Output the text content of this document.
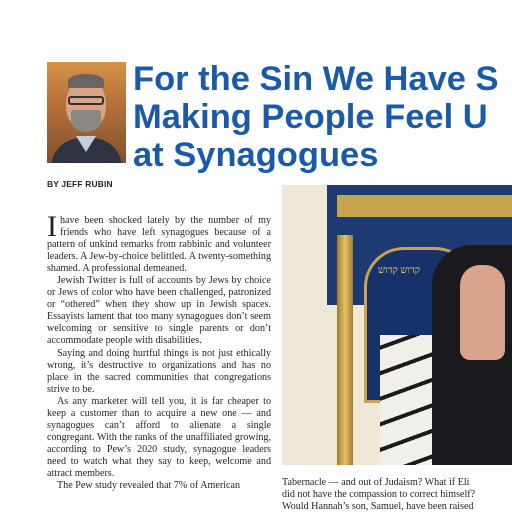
For the Sin We Have S
Making People Feel U
at Synagogues
BY JEFF RUBIN

Ihave been shocked lately by the number of my friends who have left synagogues because of a pattern of unkind remarks from rabbinic and volunteer leaders. A Jew-by-choice belittled. A twenty-something shamed. A professional demeaned.

Jewish Twitter is full of accounts by Jews by choice or Jews of color who have been challenged, patronized or “othered” when they show up in Jewish spaces. Essayists lament that too many synagogues don’t seem welcoming or sensitive to single parents or don’t accommodate people with disabilities.

Saying and doing hurtful things is not just ethically wrong, it’s destructive to organizations and has no place in the sacred communities that congregations strive to be.

As any marketer will tell you, it is far cheaper to keep a customer than to acquire a new one — and synagogues can’t afford to alienate a single congregant. With the ranks of the unaffiliated growing, according to Pew’s 2020 study, synagogue leaders need to watch what they say to keep, welcome and attract members.

The Pew study revealed that 7% of American

קדוש קדוש
Tabernacle — and out of Judaism? What if Eli
did not have the compassion to correct himself?
Would Hannah’s son, Samuel, have been raised
